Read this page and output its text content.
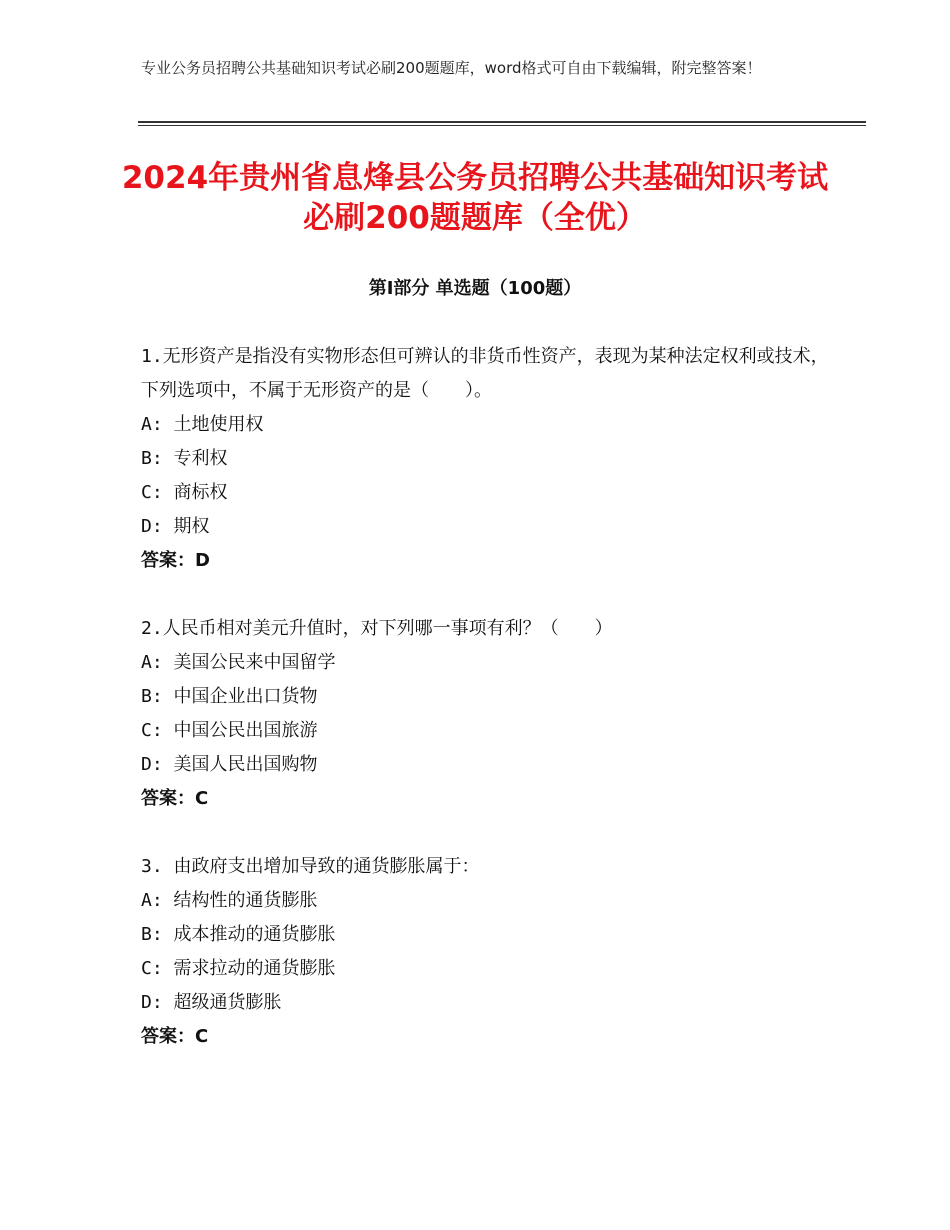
专业公务员招聘公共基础知识考试必刷200题题库，word格式可自由下载编辑，附完整答案！
2024年贵州省息烽县公务员招聘公共基础知识考试必刷200题题库（全优）
第Ⅰ部分 单选题（100题）

1.无形资产是指没有实物形态但可辨认的非货币性资产，表现为某种法定权利或技术，下列选项中，不属于无形资产的是（　　）。

A: 土地使用权
B: 专利权
C: 商标权
D: 期权
答案：D

2.人民币相对美元升值时，对下列哪一事项有利？（　　）

A: 美国公民来中国留学
B: 中国企业出口货物
C: 中国公民出国旅游
D: 美国人民出国购物
答案：C

3. 由政府支出增加导致的通货膨胀属于：

A: 结构性的通货膨胀
B: 成本推动的通货膨胀
C: 需求拉动的通货膨胀
D: 超级通货膨胀
答案：C
